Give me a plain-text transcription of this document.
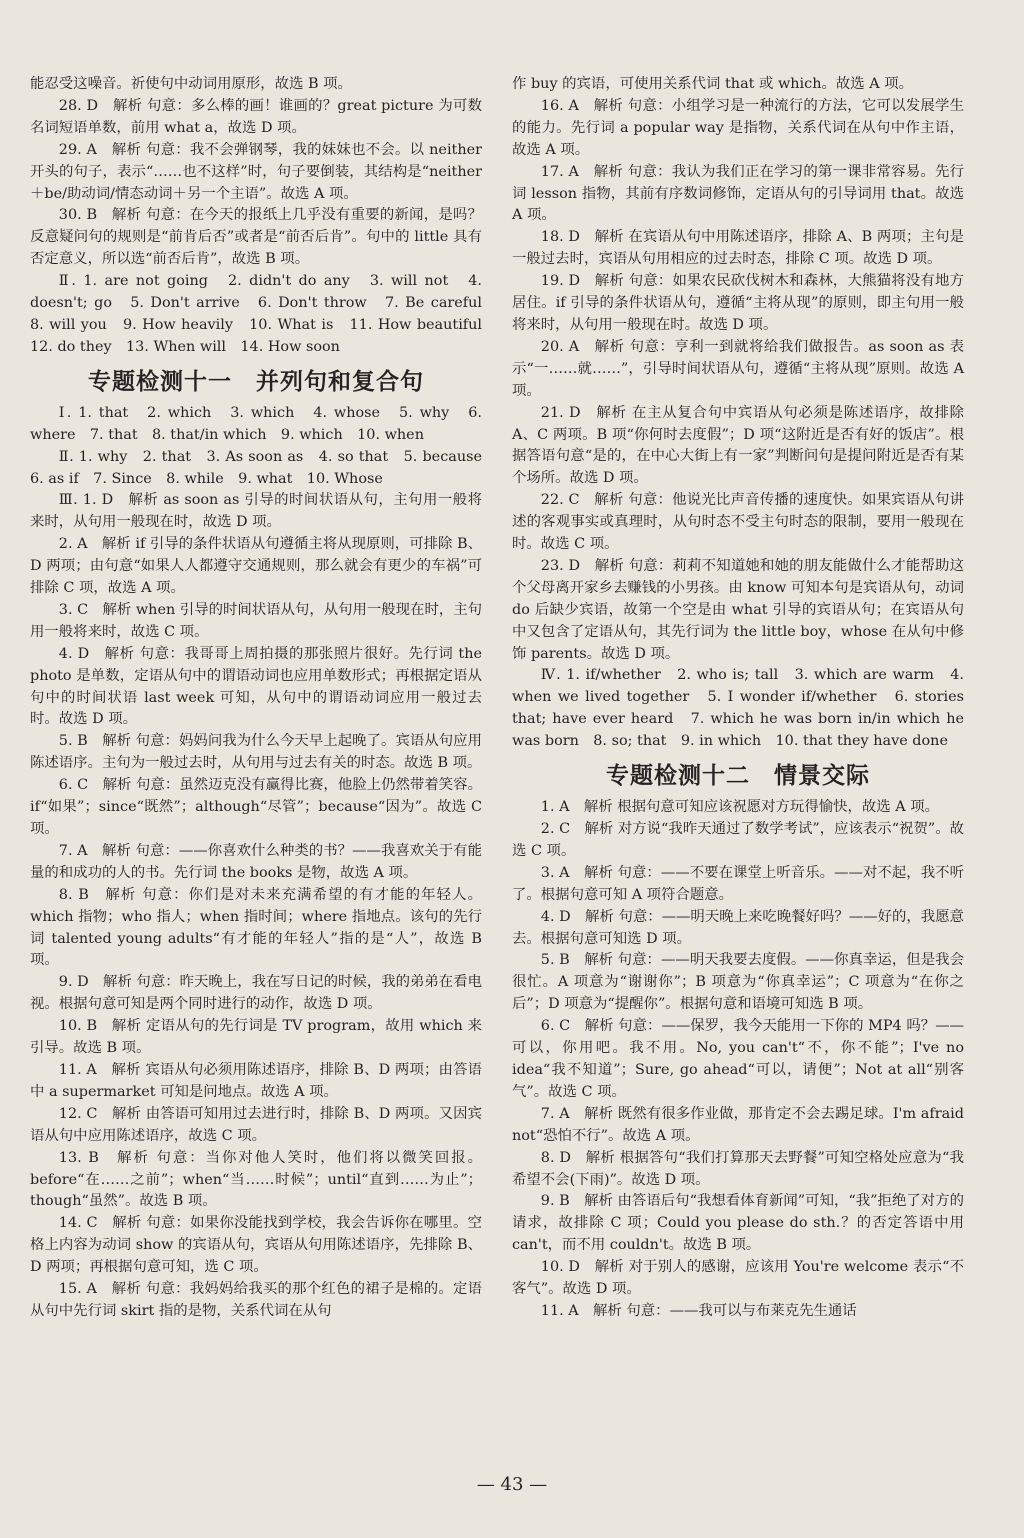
能忍受这噪音。祈使句中动词用原形，故选 B 项。

28. D　解析 句意：多么棒的画！谁画的？great picture 为可数名词短语单数，前用 what a，故选 D 项。

29. A　解析 句意：我不会弹钢琴，我的妹妹也不会。以 neither 开头的句子，表示“……也不这样”时，句子要倒装，其结构是“neither＋be/助动词/情态动词＋另一个主语”。故选 A 项。

30. B　解析 句意：在今天的报纸上几乎没有重要的新闻，是吗？反意疑问句的规则是“前肯后否”或者是“前否后肯”。句中的 little 具有否定意义，所以选“前否后肯”，故选 B 项。

Ⅱ. 1. are not going　2. didn't do any　3. will not　4. doesn't; go　5. Don't arrive　6. Don't throw　7. Be careful　8. will you　9. How heavily　10. What is　11. How beautiful　12. do they　13. When will　14. How soon

专题检测十一　并列句和复合句

Ⅰ. 1. that　2. which　3. which　4. whose　5. why　6. where　7. that　8. that/in which　9. which　10. when

Ⅱ. 1. why　2. that　3. As soon as　4. so that　5. because　6. as if　7. Since　8. while　9. what　10. Whose

Ⅲ. 1. D　解析 as soon as 引导的时间状语从句，主句用一般将来时，从句用一般现在时，故选 D 项。

2. A　解析 if 引导的条件状语从句遵循主将从现原则，可排除 B、D 两项；由句意“如果人人都遵守交通规则，那么就会有更少的车祸”可排除 C 项，故选 A 项。

3. C　解析 when 引导的时间状语从句，从句用一般现在时，主句用一般将来时，故选 C 项。

4. D　解析 句意：我哥哥上周拍摄的那张照片很好。先行词 the photo 是单数，定语从句中的谓语动词也应用单数形式；再根据定语从句中的时间状语 last week 可知，从句中的谓语动词应用一般过去时。故选 D 项。

5. B　解析 句意：妈妈问我为什么今天早上起晚了。宾语从句应用陈述语序。主句为一般过去时，从句用与过去有关的时态。故选 B 项。

6. C　解析 句意：虽然迈克没有赢得比赛，他脸上仍然带着笑容。if“如果”；since“既然”；although“尽管”；because“因为”。故选 C 项。

7. A　解析 句意：——你喜欢什么种类的书？——我喜欢关于有能量的和成功的人的书。先行词 the books 是物，故选 A 项。

8. B　解析 句意：你们是对未来充满希望的有才能的年轻人。which 指物；who 指人；when 指时间；where 指地点。该句的先行词 talented young adults“有才能的年轻人”指的是“人”，故选 B 项。

9. D　解析 句意：昨天晚上，我在写日记的时候，我的弟弟在看电视。根据句意可知是两个同时进行的动作，故选 D 项。

10. B　解析 定语从句的先行词是 TV program，故用 which 来引导。故选 B 项。

11. A　解析 宾语从句必须用陈述语序，排除 B、D 两项；由答语中 a supermarket 可知是问地点。故选 A 项。

12. C　解析 由答语可知用过去进行时，排除 B、D 两项。又因宾语从句中应用陈述语序，故选 C 项。

13. B　解析 句意：当你对他人笑时，他们将以微笑回报。before“在……之前”；when“当……时候”；until“直到……为止”；though“虽然”。故选 B 项。

14. C　解析 句意：如果你没能找到学校，我会告诉你在哪里。空格上内容为动词 show 的宾语从句，宾语从句用陈述语序，先排除 B、D 两项；再根据句意可知，选 C 项。

15. A　解析 句意：我妈妈给我买的那个红色的裙子是棉的。定语从句中先行词 skirt 指的是物，关系代词在从句

作 buy 的宾语，可使用关系代词 that 或 which。故选 A 项。

16. A　解析 句意：小组学习是一种流行的方法，它可以发展学生的能力。先行词 a popular way 是指物，关系代词在从句中作主语，故选 A 项。

17. A　解析 句意：我认为我们正在学习的第一课非常容易。先行词 lesson 指物，其前有序数词修饰，定语从句的引导词用 that。故选 A 项。

18. D　解析 在宾语从句中用陈述语序，排除 A、B 两项；主句是一般过去时，宾语从句用相应的过去时态，排除 C 项。故选 D 项。

19. D　解析 句意：如果农民砍伐树木和森林，大熊猫将没有地方居住。if 引导的条件状语从句，遵循“主将从现”的原则，即主句用一般将来时，从句用一般现在时。故选 D 项。

20. A　解析 句意：亨利一到就将给我们做报告。as soon as 表示“一……就……”，引导时间状语从句，遵循“主将从现”原则。故选 A 项。

21. D　解析 在主从复合句中宾语从句必须是陈述语序，故排除 A、C 两项。B 项“你何时去度假”；D 项“这附近是否有好的饭店”。根据答语句意“是的，在中心大街上有一家”判断问句是提问附近是否有某个场所。故选 D 项。

22. C　解析 句意：他说光比声音传播的速度快。如果宾语从句讲述的客观事实或真理时，从句时态不受主句时态的限制，要用一般现在时。故选 C 项。

23. D　解析 句意：莉莉不知道她和她的朋友能做什么才能帮助这个父母离开家乡去赚钱的小男孩。由 know 可知本句是宾语从句，动词 do 后缺少宾语，故第一个空是由 what 引导的宾语从句；在宾语从句中又包含了定语从句，其先行词为 the little boy，whose 在从句中修饰 parents。故选 D 项。

Ⅳ. 1. if/whether　2. who is; tall　3. which are warm　4. when we lived together　5. I wonder if/whether　6. stories that; have ever heard　7. which he was born in/in which he was born　8. so; that　9. in which　10. that they have done

专题检测十二　情景交际

1. A　解析 根据句意可知应该祝愿对方玩得愉快，故选 A 项。

2. C　解析 对方说“我昨天通过了数学考试”，应该表示“祝贺”。故选 C 项。

3. A　解析 句意：——不要在课堂上听音乐。——对不起，我不听了。根据句意可知 A 项符合题意。

4. D　解析 句意：——明天晚上来吃晚餐好吗？——好的，我愿意去。根据句意可知选 D 项。

5. B　解析 句意：——明天我要去度假。——你真幸运，但是我会很忙。A 项意为“谢谢你”；B 项意为“你真幸运”；C 项意为“在你之后”；D 项意为“提醒你”。根据句意和语境可知选 B 项。

6. C　解析 句意：——保罗，我今天能用一下你的 MP4 吗？——可以，你用吧。我不用。No, you can't“不，你不能”；I've no idea“我不知道”；Sure, go ahead“可以，请便”；Not at all“别客气”。故选 C 项。

7. A　解析 既然有很多作业做，那肯定不会去踢足球。I'm afraid not“恐怕不行”。故选 A 项。

8. D　解析 根据答句“我们打算那天去野餐”可知空格处应意为“我希望不会(下雨)”。故选 D 项。

9. B　解析 由答语后句“我想看体育新闻”可知，“我”拒绝了对方的请求，故排除 C 项；Could you please do sth.？的否定答语中用 can't，而不用 couldn't。故选 B 项。

10. D　解析 对于别人的感谢，应该用 You're welcome 表示“不客气”。故选 D 项。

11. A　解析 句意：——我可以与布莱克先生通话

— 43 —
